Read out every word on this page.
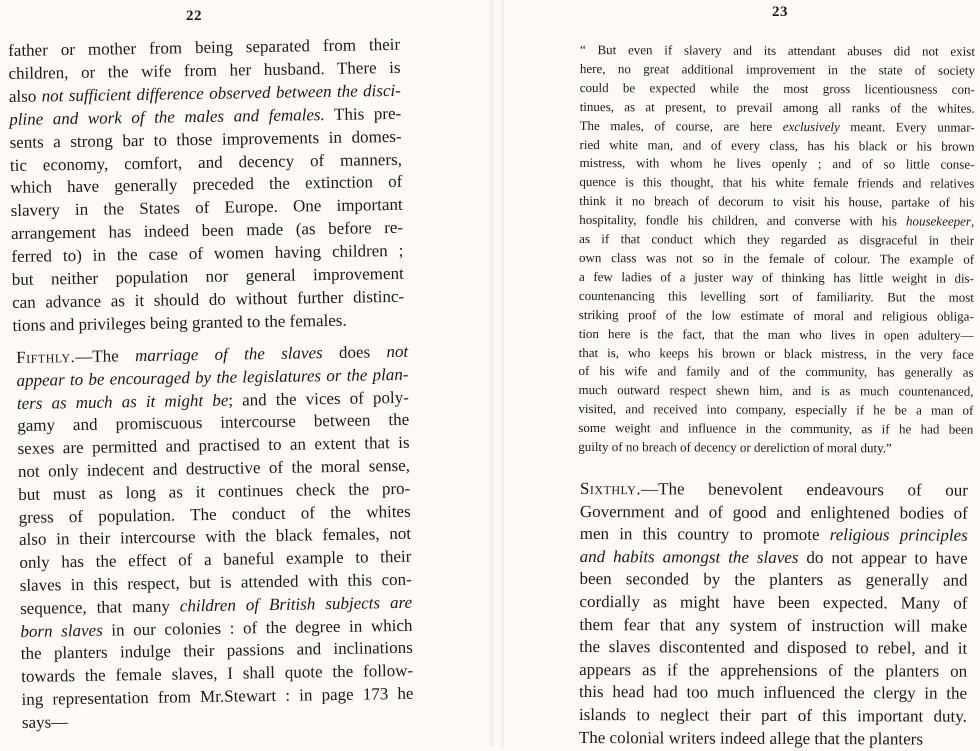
22
father or mother from being separated from their
children, or the wife from her husband. There is
also not sufficient difference observed between the disci-
pline and work of the males and females. This pre-
sents a strong bar to those improvements in domes-
tic economy, comfort, and decency of manners,
which have generally preceded the extinction of
slavery in the States of Europe. One important
arrangement has indeed been made (as before re-
ferred to) in the case of women having children ;
but neither population nor general improvement
can advance as it should do without further distinc-
tions and privileges being granted to the females.
Fifthly.—The marriage of the slaves does not
appear to be encouraged by the legislatures or the plan-
ters as much as it might be; and the vices of poly-
gamy and promiscuous intercourse between the
sexes are permitted and practised to an extent that is
not only indecent and destructive of the moral sense,
but must as long as it continues check the pro-
gress of population. The conduct of the whites
also in their intercourse with the black females, not
only has the effect of a baneful example to their
slaves in this respect, but is attended with this con-
sequence, that many children of British subjects are
born slaves in our colonies : of the degree in which
the planters indulge their passions and inclinations
towards the female slaves, I shall quote the follow-
ing representation from Mr.Stewart : in page 173 he
says—
23
“ But even if slavery and its attendant abuses did not exist
here, no great additional improvement in the state of society
could be expected while the most gross licentiousness con-
tinues, as at present, to prevail among all ranks of the whites.
The males, of course, are here exclusively meant. Every unmar-
ried white man, and of every class, has his black or his brown
mistress, with whom he lives openly ; and of so little conse-
quence is this thought, that his white female friends and relatives
think it no breach of decorum to visit his house, partake of his
hospitality, fondle his children, and converse with his housekeeper,
as if that conduct which they regarded as disgraceful in their
own class was not so in the female of colour. The example of
a few ladies of a juster way of thinking has little weight in dis-
countenancing this levelling sort of familiarity. But the most
striking proof of the low estimate of moral and religious obliga-
tion here is the fact, that the man who lives in open adultery—
that is, who keeps his brown or black mistress, in the very face
of his wife and family and of the community, has generally as
much outward respect shewn him, and is as much countenanced,
visited, and received into company, especially if he be a man of
some weight and influence in the community, as if he had been
guilty of no breach of decency or dereliction of moral duty.”
Sixthly.—The benevolent endeavours of our
Government and of good and enlightened bodies of
men in this country to promote religious principles
and habits amongst the slaves do not appear to have
been seconded by the planters as generally and
cordially as might have been expected. Many of
them fear that any system of instruction will make
the slaves discontented and disposed to rebel, and it
appears as if the apprehensions of the planters on
this head had too much influenced the clergy in the
islands to neglect their part of this important duty.
The colonial writers indeed allege that the planters
